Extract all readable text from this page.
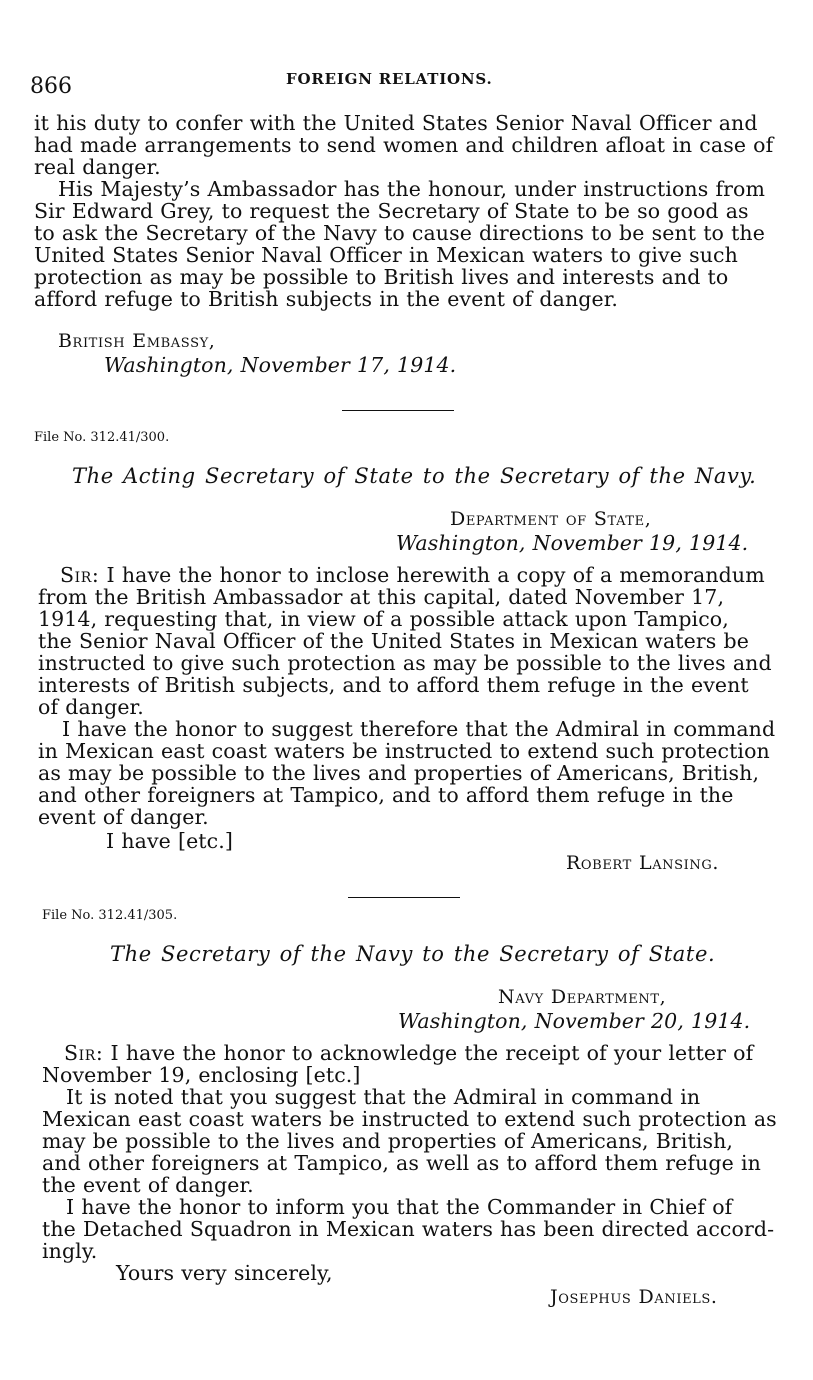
866	FOREIGN RELATIONS.
it his duty to confer with the United States Senior Naval Officer and
had made arrangements to send women and children afloat in case of
real danger.
His Majesty’s Ambassador has the honour, under instructions from
Sir Edward Grey, to request the Secretary of State to be so good as
to ask the Secretary of the Navy to cause directions to be sent to the
United States Senior Naval Officer in Mexican waters to give such
protection as may be possible to British lives and interests and to
afford refuge to British subjects in the event of danger.
British Embassy,
Washington, November 17, 1914.
File No. 312.41/300.
The Acting Secretary of State to the Secretary of the Navy.
Department of State,
Washington, November 19, 1914.
Sir: I have the honor to inclose herewith a copy of a memorandum
from the British Ambassador at this capital, dated November 17,
1914, requesting that, in view of a possible attack upon Tampico,
the Senior Naval Officer of the United States in Mexican waters be
instructed to give such protection as may be possible to the lives and
interests of British subjects, and to afford them refuge in the event
of danger.
I have the honor to suggest therefore that the Admiral in command
in Mexican east coast waters be instructed to extend such protection
as may be possible to the lives and properties of Americans, British,
and other foreigners at Tampico, and to afford them refuge in the
event of danger.
I have [etc.]
Robert Lansing.
File No. 312.41/305.
The Secretary of the Navy to the Secretary of State.
Navy Department,
Washington, November 20, 1914.
Sir: I have the honor to acknowledge the receipt of your letter of
November 19, enclosing [etc.]
It is noted that you suggest that the Admiral in command in
Mexican east coast waters be instructed to extend such protection as
may be possible to the lives and properties of Americans, British,
and other foreigners at Tampico, as well as to afford them refuge in
the event of danger.
I have the honor to inform you that the Commander in Chief of
the Detached Squadron in Mexican waters has been directed accord-
ingly.
Yours very sincerely,
Josephus Daniels.
